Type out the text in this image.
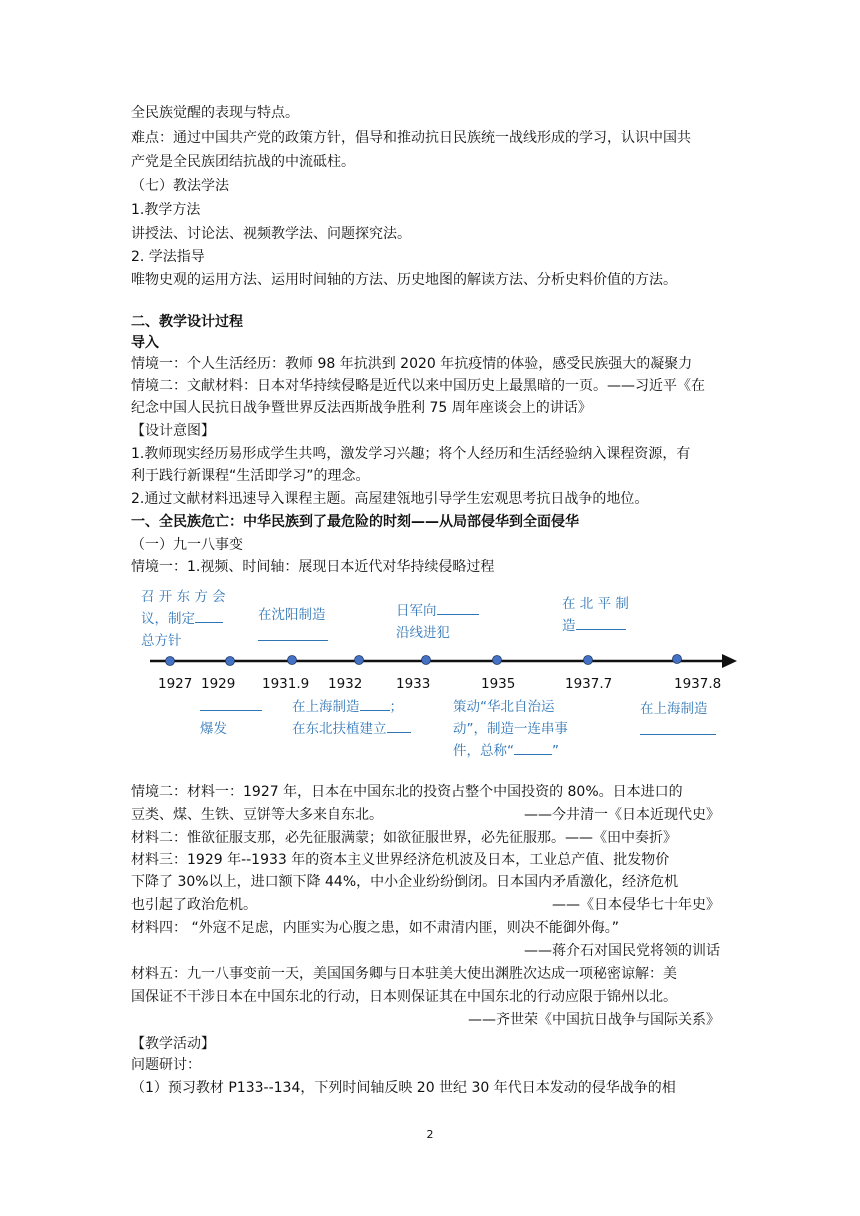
全民族觉醒的表现与特点。
难点：通过中国共产党的政策方针，倡导和推动抗日民族统一战线形成的学习，认识中国共
产党是全民族团结抗战的中流砥柱。
（七）教法学法
1.教学方法
讲授法、讨论法、视频教学法、问题探究法。
2. 学法指导
唯物史观的运用方法、运用时间轴的方法、历史地图的解读方法、分析史料价值的方法。
二、教学设计过程
导入
情境一：个人生活经历：教师 98 年抗洪到 2020 年抗疫情的体验，感受民族强大的凝聚力
情境二：文献材料：日本对华持续侵略是近代以来中国历史上最黑暗的一页。——习近平《在
纪念中国人民抗日战争暨世界反法西斯战争胜利 75 周年座谈会上的讲话》
【设计意图】
1.教师现实经历易形成学生共鸣，激发学习兴趣；将个人经历和生活经验纳入课程资源，有
利于践行新课程“生活即学习”的理念。
2.通过文献材料迅速导入课程主题。高屋建瓴地引导学生宏观思考抗日战争的地位。
一、全民族危亡：中华民族到了最危险的时刻——从局部侵华到全面侵华
（一）九一八事变
情境一：1.视频、时间轴：展现日本近代对华持续侵略过程
1927 1929 1931.9 1932 1933	1935	1937.7	1937.8
召 开 东 方 会
议，制定
总方针
在沈阳制造	日军向
沿线进犯
在 北 平 制
造
爆发
在上海制造 ；
在东北扶植建立
策动“华北自治运
动”，制造一连串事
件，总称“	”
在上海制造
情境二：材料一：1927 年，日本在中国东北的投资占整个中国投资的 80%。日本进口的
豆类、煤、生铁、豆饼等大多来自东北。	——今井清一《日本近现代史》
材料二：惟欲征服支那，必先征服满蒙；如欲征服世界，必先征服那。——《田中奏折》
材料三：1929 年--1933 年的资本主义世界经济危机波及日本，工业总产值、批发物价
下降了 30%以上，进口额下降 44%，中小企业纷纷倒闭。日本国内矛盾激化，经济危机
也引起了政治危机。	——《日本侵华七十年史》
材料四： “外寇不足虑，内匪实为心腹之患，如不肃清内匪，则决不能御外侮。”
——蒋介石对国民党将领的训话
材料五：九一八事变前一天，美国国务卿与日本驻美大使出渊胜次达成一项秘密谅解：美
国保证不干涉日本在中国东北的行动，日本则保证其在中国东北的行动应限于锦州以北。
——齐世荣《中国抗日战争与国际关系》
【教学活动】
问题研讨：
（1）预习教材 P133--134，下列时间轴反映 20 世纪 30 年代日本发动的侵华战争的相
2
